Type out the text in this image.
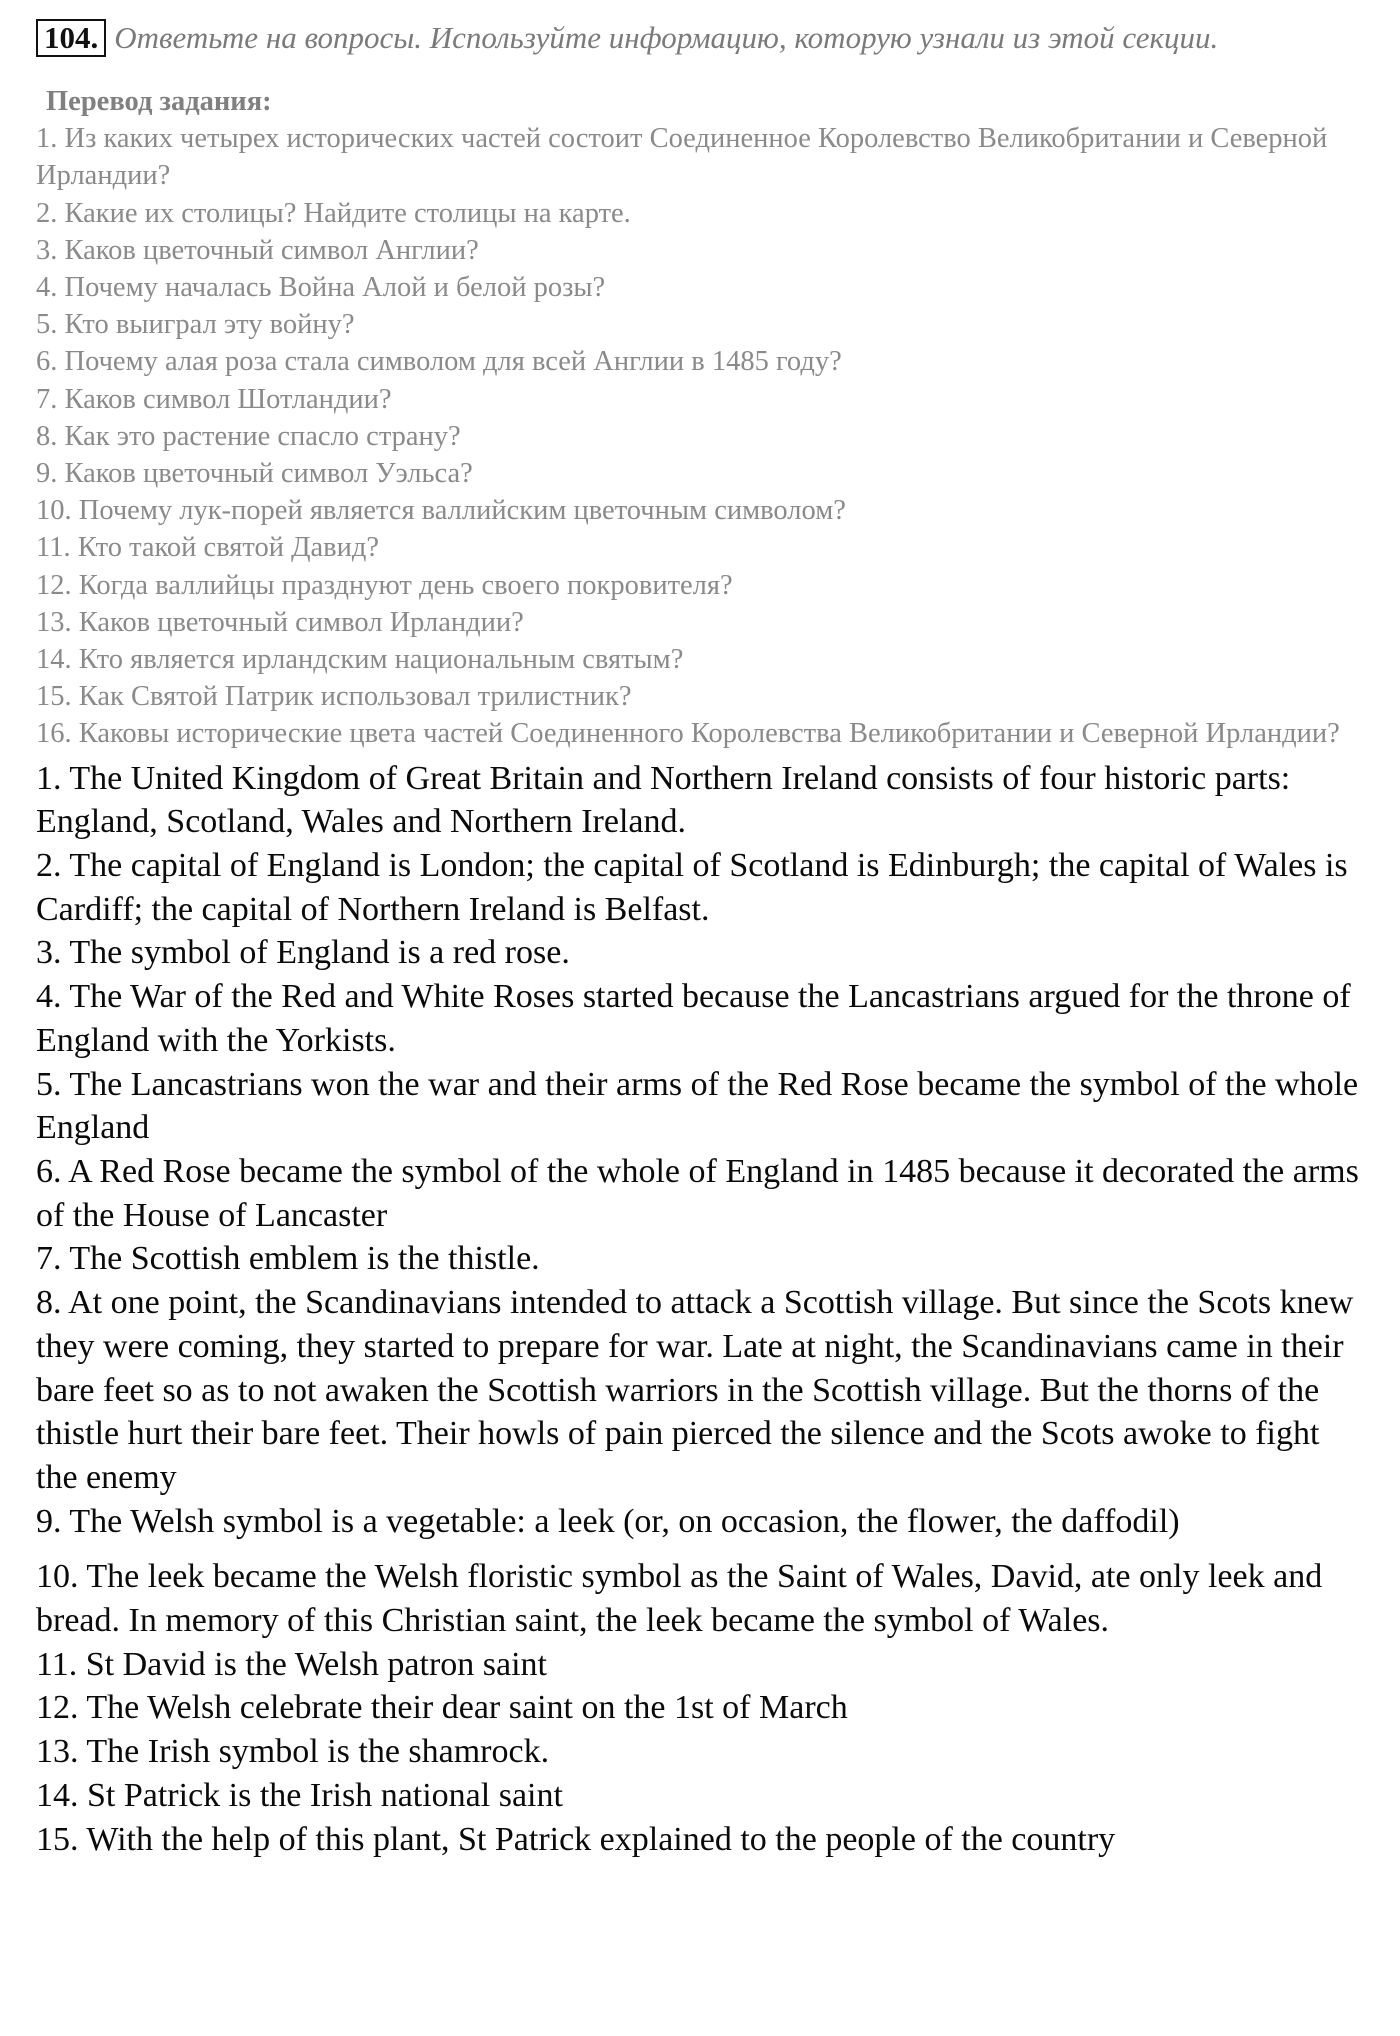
104. Ответьте на вопросы. Используйте информацию, которую узнали из этой секции.
Перевод задания:

1. Из каких четырех исторических частей состоит Соединенное Королевство Великобритании и Северной Ирландии?

2. Какие их столицы? Найдите столицы на карте.

3. Каков цветочный символ Англии?

4. Почему началась Война Алой и белой розы?

5. Кто выиграл эту войну?

6. Почему алая роза стала символом для всей Англии в 1485 году?

7. Каков символ Шотландии?

8. Как это растение спасло страну?

9. Каков цветочный символ Уэльса?

10. Почему лук-порей является валлийским цветочным символом?

11. Кто такой святой Давид?

12. Когда валлийцы празднуют день своего покровителя?

13. Каков цветочный символ Ирландии?

14. Кто является ирландским национальным святым?

15. Как Святой Патрик использовал трилистник?

16. Каковы исторические цвета частей Соединенного Королевства Великобритании и Северной Ирландии?

1. The United Kingdom of Great Britain and Northern Ireland consists of four historic parts: England, Scotland, Wales and Northern Ireland.

2. The capital of England is London; the capital of Scotland is Edinburgh; the capital of Wales is Cardiff; the capital of Northern Ireland is Belfast.

3. The symbol of England is a red rose.

4. The War of the Red and White Roses started because the Lancastrians argued for the throne of England with the Yorkists.

5. The Lancastrians won the war and their arms of the Red Rose became the symbol of the whole England

6. A Red Rose became the symbol of the whole of England in 1485 because it decorated the arms of the House of Lancaster

7. The Scottish emblem is the thistle.

8. At one point, the Scandinavians intended to attack a Scottish village. But since the Scots knew they were coming, they started to prepare for war. Late at night, the Scandinavians came in their bare feet so as to not awaken the Scottish warriors in the Scottish village. But the thorns of the thistle hurt their bare feet. Their howls of pain pierced the silence and the Scots awoke to fight the enemy

9. The Welsh symbol is a vegetable: a leek (or, on occasion, the flower, the daffodil)

10. The leek became the Welsh floristic symbol as the Saint of Wales, David, ate only leek and bread. In memory of this Christian saint, the leek became the symbol of Wales.

11. St David is the Welsh patron saint

12. The Welsh celebrate their dear saint on the 1st of March

13. The Irish symbol is the shamrock.

14. St Patrick is the Irish national saint

15. With the help of this plant, St Patrick explained to the people of the country
